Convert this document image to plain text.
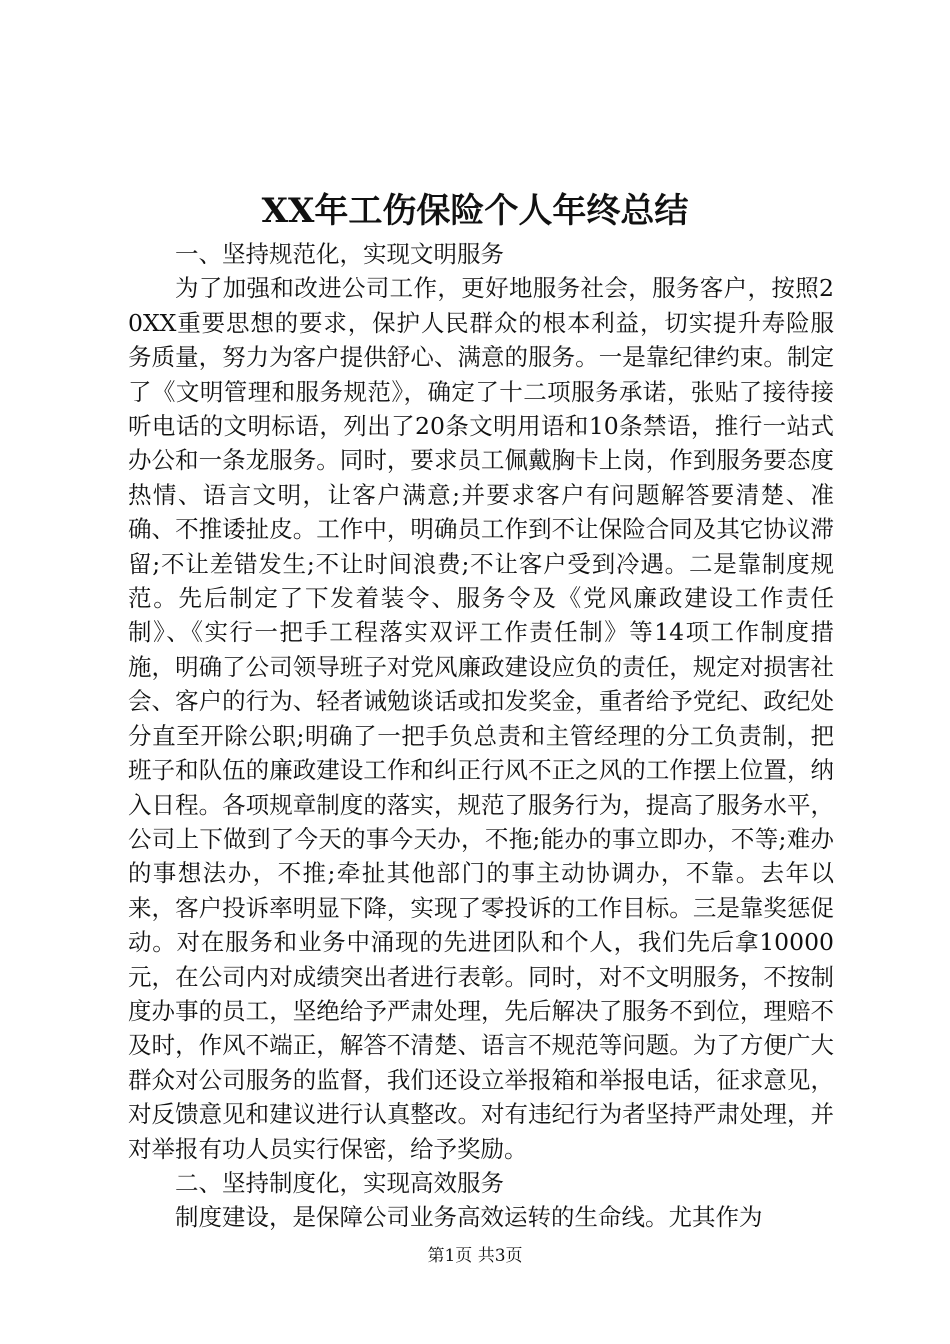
XX年工伤保险个人年终总结

一、坚持规范化，实现文明服务

为了加强和改进公司工作，更好地服务社会，服务客户，按照20XX重要思想的要求，保护人民群众的根本利益，切实提升寿险服务质量，努力为客户提供舒心、满意的服务。一是靠纪律约束。制定了《文明管理和服务规范》，确定了十二项服务承诺，张贴了接待接听电话的文明标语，列出了20条文明用语和10条禁语，推行一站式办公和一条龙服务。同时，要求员工佩戴胸卡上岗，作到服务要态度热情、语言文明，让客户满意;并要求客户有问题解答要清楚、准确、不推诿扯皮。工作中，明确员工作到不让保险合同及其它协议滞留;不让差错发生;不让时间浪费;不让客户受到冷遇。二是靠制度规范。先后制定了下发着装令、服务令及《党风廉政建设工作责任制》、《实行一把手工程落实双评工作责任制》等14项工作制度措施，明确了公司领导班子对党风廉政建设应负的责任，规定对损害社会、客户的行为、轻者诫勉谈话或扣发奖金，重者给予党纪、政纪处分直至开除公职;明确了一把手负总责和主管经理的分工负责制，把班子和队伍的廉政建设工作和纠正行风不正之风的工作摆上位置，纳入日程。各项规章制度的落实，规范了服务行为，提高了服务水平，公司上下做到了今天的事今天办，不拖;能办的事立即办，不等;难办的事想法办，不推;牵扯其他部门的事主动协调办，不靠。去年以来，客户投诉率明显下降，实现了零投诉的工作目标。三是靠奖惩促动。对在服务和业务中涌现的先进团队和个人，我们先后拿10000元，在公司内对成绩突出者进行表彰。同时，对不文明服务，不按制度办事的员工，坚绝给予严肃处理，先后解决了服务不到位，理赔不及时，作风不端正，解答不清楚、语言不规范等问题。为了方便广大群众对公司服务的监督，我们还设立举报箱和举报电话，征求意见，对反馈意见和建议进行认真整改。对有违纪行为者坚持严肃处理，并对举报有功人员实行保密，给予奖励。

二、坚持制度化，实现高效服务

制度建设，是保障公司业务高效运转的生命线。尤其作为

第1页 共3页
